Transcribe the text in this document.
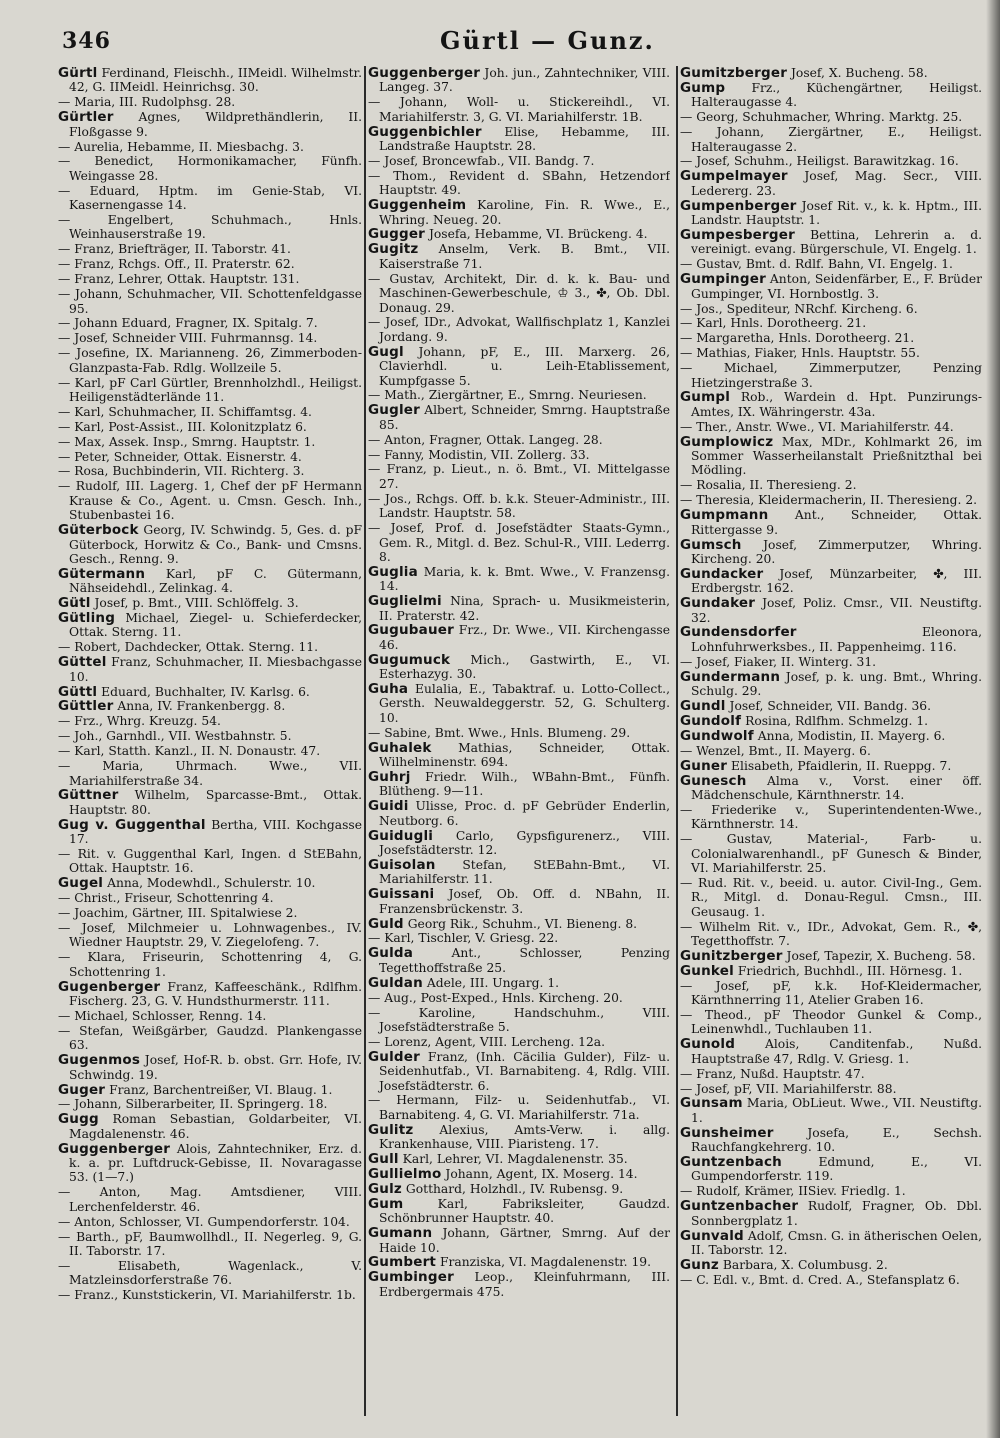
346	Gürtl — Gunz.
Gürtl Ferdinand, Fleischh., IIMeidl. Wilhelmstr. 42, G. IIMeidl. Heinrichsg. 30.
— Maria, III. Rudolphsg. 28.
Gürtler Agnes, Wildprethändlerin, II. Floßgasse 9.
— Aurelia, Hebamme, II. Miesbachg. 3.
— Benedict, Hormonikamacher, Fünfh. Weingasse 28.
— Eduard, Hptm. im Genie-Stab, VI. Kasernengasse 14.
— Engelbert, Schuhmach., Hnls. Weinhauserstraße 19.
— Franz, Briefträger, II. Taborstr. 41.
— Franz, Rchgs. Off., II. Praterstr. 62.
— Franz, Lehrer, Ottak. Hauptstr. 131.
— Johann, Schuhmacher, VII. Schottenfeldgasse 95.
— Johann Eduard, Fragner, IX. Spitalg. 7.
— Josef, Schneider VIII. Fuhrmannsg. 14.
— Josefine, IX. Marianneng. 26, Zimmerboden-Glanzpasta-Fab. Rdlg. Wollzeile 5.
— Karl, pF Carl Gürtler, Brennholzhdl., Heiligst. Heiligenstädterlände 11.
— Karl, Schuhmacher, II. Schiffamtsg. 4.
— Karl, Post-Assist., III. Kolonitzplatz 6.
— Max, Assek. Insp., Smrng. Hauptstr. 1.
— Peter, Schneider, Ottak. Eisnerstr. 4.
— Rosa, Buchbinderin, VII. Richterg. 3.
— Rudolf, III. Lagerg. 1, Chef der pF Hermann Krause & Co., Agent. u. Cmsn. Gesch. Inh., Stubenbastei 16.
Güterbock Georg, IV. Schwindg. 5, Ges. d. pF Güterbock, Horwitz & Co., Bank- und Cmsns. Gesch., Renng. 9.
Gütermann Karl, pF C. Gütermann, Nähseidehdl., Zelinkag. 4.
Gütl Josef, p. Bmt., VIII. Schlöffelg. 3.
Gütling Michael, Ziegel- u. Schieferdecker, Ottak. Sterng. 11.
— Robert, Dachdecker, Ottak. Sterng. 11.
Güttel Franz, Schuhmacher, II. Miesbachgasse 10.
Güttl Eduard, Buchhalter, IV. Karlsg. 6.
Güttler Anna, IV. Frankenbergg. 8.
— Frz., Whrg. Kreuzg. 54.
— Joh., Garnhdl., VII. Westbahnstr. 5.
— Karl, Statth. Kanzl., II. N. Donaustr. 47.
— Maria, Uhrmach. Wwe., VII. Mariahilferstraße 34.
Güttner Wilhelm, Sparcasse-Bmt., Ottak. Hauptstr. 80.
Gug v. Guggenthal Bertha, VIII. Kochgasse 17.
— Rit. v. Guggenthal Karl, Ingen. d StEBahn, Ottak. Hauptstr. 16.
Gugel Anna, Modewhdl., Schulerstr. 10.
— Christ., Friseur, Schottenring 4.
— Joachim, Gärtner, III. Spitalwiese 2.
— Josef, Milchmeier u. Lohnwagenbes., IV. Wiedner Hauptstr. 29, V. Ziegelofeng. 7.
— Klara, Friseurin, Schottenring 4, G. Schottenring 1.
Gugenberger Franz, Kaffeeschänk., Rdlfhm. Fischerg. 23, G. V. Hundsthurmerstr. 111.
— Michael, Schlosser, Renng. 14.
— Stefan, Weißgärber, Gaudzd. Plankengasse 63.
Gugenmos Josef, Hof-R. b. obst. Grr. Hofe, IV. Schwindg. 19.
Guger Franz, Barchentreißer, VI. Blaug. 1.
— Johann, Silberarbeiter, II. Springerg. 18.
Gugg Roman Sebastian, Goldarbeiter, VI. Magdalenenstr. 46.
Guggenberger Alois, Zahntechniker, Erz. d. k. a. pr. Luftdruck-Gebisse, II. Novaragasse 53. (1—7.)
— Anton, Mag. Amtsdiener, VIII. Lerchenfelderstr. 46.
— Anton, Schlosser, VI. Gumpendorferstr. 104.
— Barth., pF, Baumwollhdl., II. Negerleg. 9, G. II. Taborstr. 17.
— Elisabeth, Wagenlack., V. Matzleinsdorferstraße 76.
— Franz., Kunststickerin, VI. Mariahilferstr. 1b.
Guggenberger Joh. jun., Zahntechniker, VIII. Langeg. 37.
— Johann, Woll- u. Stickereihdl., VI. Mariahilferstr. 3, G. VI. Mariahilferstr. 1B.
Guggenbichler Elise, Hebamme, III. Landstraße Hauptstr. 28.
— Josef, Broncewfab., VII. Bandg. 7.
— Thom., Revident d. SBahn, Hetzendorf Hauptstr. 49.
Guggenheim Karoline, Fin. R. Wwe., E., Whring. Neueg. 20.
Gugger Josefa, Hebamme, VI. Brückeng. 4.
Gugitz Anselm, Verk. B. Bmt., VII. Kaiserstraße 71.
— Gustav, Architekt, Dir. d. k. k. Bau- und Maschinen-Gewerbeschule, ♔ 3., ✤, Ob. Dbl. Donaug. 29.
— Josef, IDr., Advokat, Wallfischplatz 1, Kanzlei Jordang. 9.
Gugl Johann, pF, E., III. Marxerg. 26, Clavierhdl. u. Leih-Etablissement, Kumpfgasse 5.
— Math., Ziergärtner, E., Smrng. Neuriesen.
Gugler Albert, Schneider, Smrng. Hauptstraße 85.
— Anton, Fragner, Ottak. Langeg. 28.
— Fanny, Modistin, VII. Zollerg. 33.
— Franz, p. Lieut., n. ö. Bmt., VI. Mittelgasse 27.
— Jos., Rchgs. Off. b. k.k. Steuer-Administr., III. Landstr. Hauptstr. 58.
— Josef, Prof. d. Josefstädter Staats-Gymn., Gem. R., Mitgl. d. Bez. Schul-R., VIII. Lederrg. 8.
Guglia Maria, k. k. Bmt. Wwe., V. Franzensg. 14.
Guglielmi Nina, Sprach- u. Musikmeisterin, II. Praterstr. 42.
Gugubauer Frz., Dr. Wwe., VII. Kirchengasse 46.
Gugumuck Mich., Gastwirth, E., VI. Esterhazyg. 30.
Guha Eulalia, E., Tabaktraf. u. Lotto-Collect., Gersth. Neuwaldeggerstr. 52, G. Schulterg. 10.
— Sabine, Bmt. Wwe., Hnls. Blumeng. 29.
Guhalek Mathias, Schneider, Ottak. Wilhelminenstr. 694.
Guhrj Friedr. Wilh., WBahn-Bmt., Fünfh. Blütheng. 9—11.
Guidi Ulisse, Proc. d. pF Gebrüder Enderlin, Neutborg. 6.
Guidugli Carlo, Gypsfigurenerz., VIII. Josefstädterstr. 12.
Guisolan Stefan, StEBahn-Bmt., VI. Mariahilferstr. 11.
Guissani Josef, Ob. Off. d. NBahn, II. Franzensbrückenstr. 3.
Guld Georg Rik., Schuhm., VI. Bieneng. 8.
— Karl, Tischler, V. Griesg. 22.
Gulda	Ant., Schlosser, Penzing Tegetthoffstraße 25.
Guldan Adele, III. Ungarg. 1.
— Aug., Post-Exped., Hnls. Kircheng. 20.
— Karoline, Handschuhm., VIII. Josefstädterstraße 5.
— Lorenz, Agent, VIII. Lercheng. 12a.
Gulder Franz, (Inh. Cäcilia Gulder), Filz- u. Seidenhutfab., VI. Barnabiteng. 4, Rdlg. VIII. Josefstädterstr. 6.
— Hermann, Filz- u. Seidenhutfab., VI. Barnabiteng. 4, G. VI. Mariahilferstr. 71a.
Gulitz Alexius, Amts-Verw. i. allg. Krankenhause, VIII. Piaristeng. 17.
Gull Karl, Lehrer, VI. Magdalenenstr. 35.
Gullielmo Johann, Agent, IX. Moserg. 14.
Gulz Gotthard, Holzhdl., IV. Rubensg. 9.
Gum	Karl, Fabriksleiter, Gaudzd. Schönbrunner Hauptstr. 40.
Gumann Johann, Gärtner, Smrng. Auf der Haide 10.
Gumbert Franziska, VI. Magdalenenstr. 19.
Gumbinger Leop., Kleinfuhrmann, III. Erdbergermais 475.
Gumitzberger Josef, X. Bucheng. 58.
Gump Frz., Küchengärtner, Heiligst. Halteraugasse 4.
— Georg, Schuhmacher, Whring. Marktg. 25.
— Johann, Ziergärtner, E., Heiligst. Halteraugasse 2.
— Josef, Schuhm., Heiligst. Barawitzkag. 16.
Gumpelmayer Josef, Mag. Secr., VIII. Ledererg. 23.
Gumpenberger Josef Rit. v., k. k. Hptm., III. Landstr. Hauptstr. 1.
Gumpesberger Bettina, Lehrerin a. d. vereinigt. evang. Bürgerschule, VI. Engelg. 1.
— Gustav, Bmt. d. Rdlf. Bahn, VI. Engelg. 1.
Gumpinger Anton, Seidenfärber, E., F. Brüder Gumpinger, VI. Hornbostlg. 3.
— Jos., Spediteur, NRchf. Kircheng. 6.
— Karl, Hnls. Dorotheerg. 21.
— Margaretha, Hnls. Dorotheerg. 21.
— Mathias, Fiaker, Hnls. Hauptstr. 55.
— Michael, Zimmerputzer, Penzing Hietzingerstraße 3.
Gumpl Rob., Wardein d. Hpt. Punzirungs-Amtes, IX. Währingerstr. 43a.
— Ther., Anstr. Wwe., VI. Mariahilferstr. 44.
Gumplowicz Max, MDr., Kohlmarkt 26, im Sommer Wasserheilanstalt Prießnitzthal bei Mödling.
— Rosalia, II. Theresieng. 2.
— Theresia, Kleidermacherin, II. Theresieng. 2.
Gumpmann Ant., Schneider, Ottak. Rittergasse 9.
Gumsch Josef, Zimmerputzer, Whring. Kircheng. 20.
Gundacker Josef, Münzarbeiter, ✤, III. Erdbergstr. 162.
Gundaker Josef, Poliz. Cmsr., VII. Neustiftg. 32.
Gundensdorfer	Eleonora, Lohnfuhrwerksbes., II. Pappenheimg. 116.
— Josef, Fiaker, II. Winterg. 31.
Gundermann Josef, p. k. ung. Bmt., Whring. Schulg. 29.
Gundl Josef, Schneider, VII. Bandg. 36.
Gundolf Rosina, Rdlfhm. Schmelzg. 1.
Gundwolf Anna, Modistin, II. Mayerg. 6.
— Wenzel, Bmt., II. Mayerg. 6.
Guner Elisabeth, Pfaidlerin, II. Rueppg. 7.
Gunesch Alma v., Vorst. einer öff. Mädchenschule, Kärnthnerstr. 14.
— Friederike v., Superintendenten-Wwe., Kärnthnerstr. 14.
— Gustav, Material-, Farb- u. Colonialwarenhandl., pF Gunesch & Binder, VI. Mariahilferstr. 25.
— Rud. Rit. v., beeid. u. autor. Civil-Ing., Gem. R., Mitgl. d. Donau-Regul. Cmsn., III. Geusaug. 1.
— Wilhelm Rit. v., IDr., Advokat, Gem. R., ✤, Tegetthoffstr. 7.
Gunitzberger Josef, Tapezir, X. Bucheng. 58.
Gunkel Friedrich, Buchhdl., III. Hörnesg. 1.
— Josef, pF, k.k. Hof-Kleidermacher, Kärnthnerring 11, Atelier Graben 16.
— Theod., pF Theodor Gunkel & Comp., Leinenwhdl., Tuchlauben 11.
Gunold Alois, Canditenfab., Nußd. Hauptstraße 47, Rdlg. V. Griesg. 1.
— Franz, Nußd. Hauptstr. 47.
— Josef, pF, VII. Mariahilferstr. 88.
Gunsam Maria, ObLieut. Wwe., VII. Neustiftg. 1.
Gunsheimer	Josefa, E., Sechsh. Rauchfangkehrerg. 10.
Guntzenbach	Edmund, E., VI. Gumpendorferstr. 119.
— Rudolf, Krämer, IISiev. Friedlg. 1.
Guntzenbacher Rudolf, Fragner, Ob. Dbl. Sonnbergplatz 1.
Gunvald Adolf, Cmsn. G. in ätherischen Oelen, II. Taborstr. 12.
Gunz Barbara, X. Columbusg. 2.
— C. Edl. v., Bmt. d. Cred. A., Stefansplatz 6.
